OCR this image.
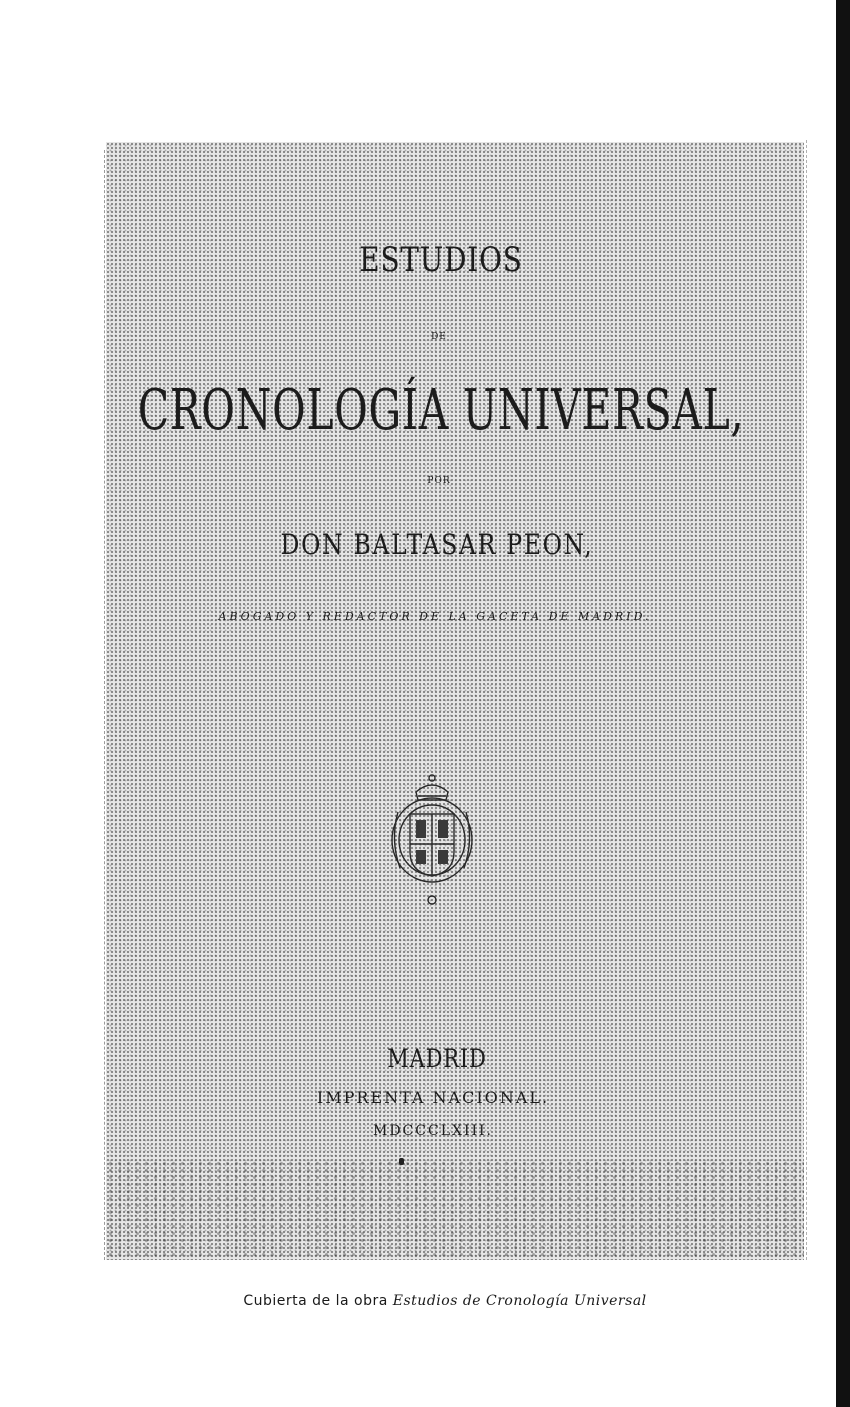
ESTUDIOS
DE
CRONOLOGÍA UNIVERSAL,
POR
DON BALTASAR PEON,
ABOGADO Y REDACTOR DE LA GACETA DE MADRID.
MADRID
IMPRENTA NACIONAL.
MDCCCLXIII.
Cubierta de la obra Estudios de Cronología Universal
